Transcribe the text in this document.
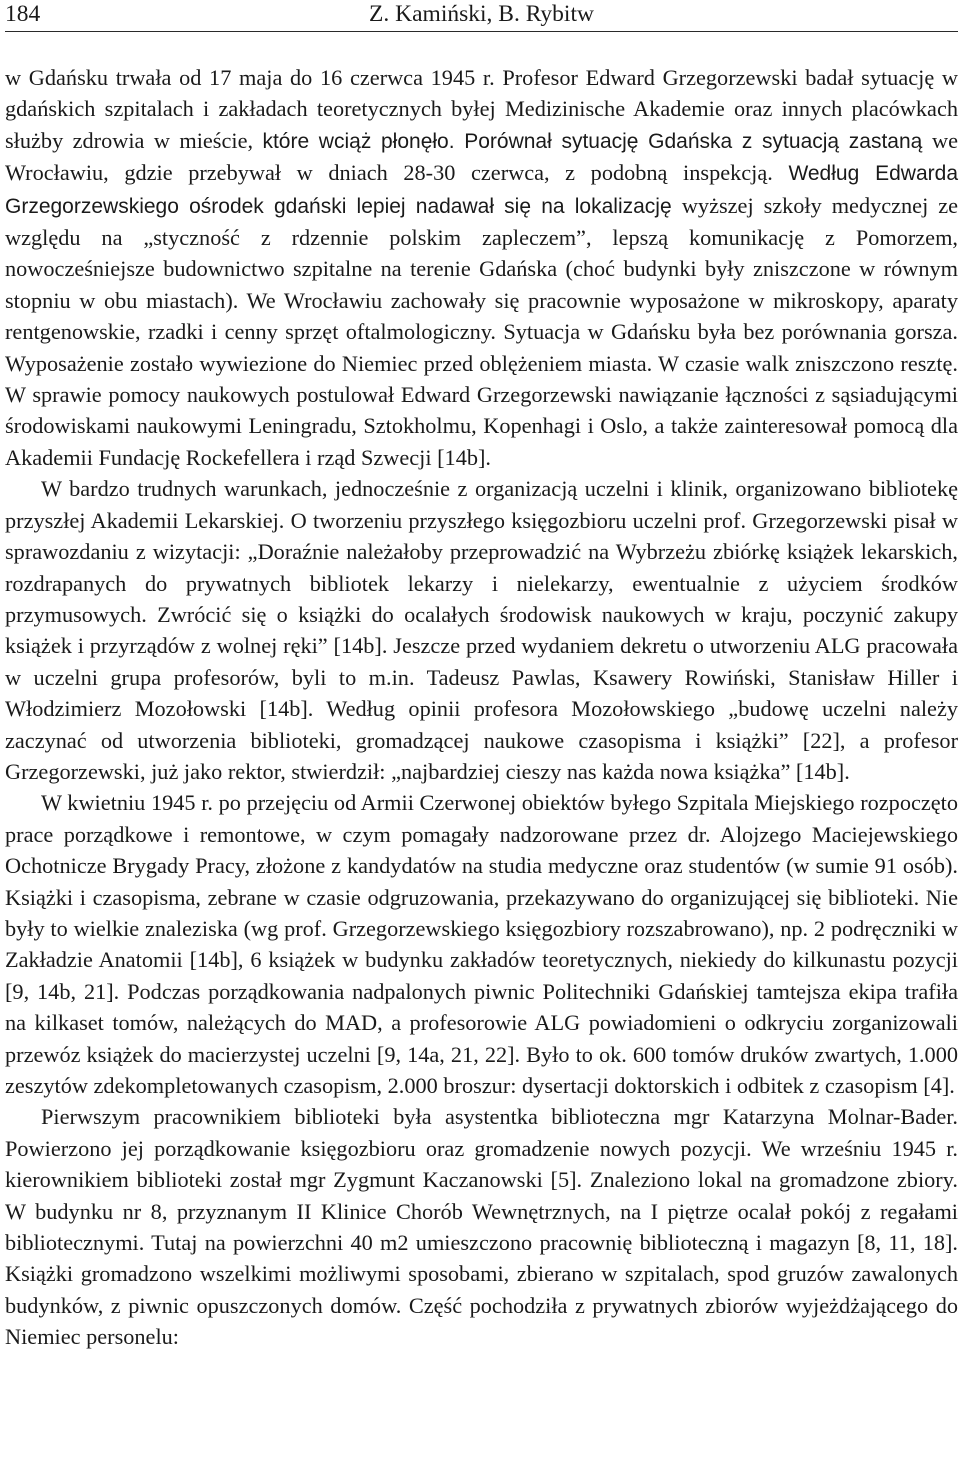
184	Z. Kamiński, B. Rybitw

w Gdańsku trwała od 17 maja do 16 czerwca 1945 r. Profesor Edward Grzegorzewski badał sytuację w gdańskich szpitalach i zakładach teoretycznych byłej Medizinische Akademie oraz innych placówkach służby zdrowia w mieście, które wciąż płonęło. Porównał sytuację Gdańska z sytuacją zastaną we Wrocławiu, gdzie przebywał w dniach 28-30 czerwca, z podobną inspekcją. Według Edwarda Grzegorzewskiego ośrodek gdański lepiej nadawał się na lokalizację wyższej szkoły medycznej ze względu na „styczność z rdzennie polskim zapleczem”, lepszą komunikację z Pomorzem, nowocześniejsze budownictwo szpitalne na terenie Gdańska (choć budynki były zniszczone w równym stopniu w obu miastach). We Wrocławiu zachowały się pracownie wyposażone w mikroskopy, aparaty rentgenowskie, rzadki i cenny sprzęt oftalmologiczny. Sytuacja w Gdańsku była bez porównania gorsza. Wyposażenie zostało wywiezione do Niemiec przed oblężeniem miasta. W czasie walk zniszczono resztę. W sprawie pomocy naukowych postulował Edward Grzegorzewski nawiązanie łączności z sąsiadującymi środowiskami naukowymi Leningradu, Sztokholmu, Kopenhagi i Oslo, a także zainteresował pomocą dla Akademii Fundację Rockefellera i rząd Szwecji [14b].

W bardzo trudnych warunkach, jednocześnie z organizacją uczelni i klinik, organizowano bibliotekę przyszłej Akademii Lekarskiej. O tworzeniu przyszłego księgozbioru uczelni prof. Grzegorzewski pisał w sprawozdaniu z wizytacji: „Doraźnie należałoby przeprowadzić na Wybrzeżu zbiórkę książek lekarskich, rozdrapanych do prywatnych bibliotek lekarzy i nielekarzy, ewentualnie z użyciem środków przymusowych. Zwrócić się o książki do ocalałych środowisk naukowych w kraju, poczynić zakupy książek i przyrządów z wolnej ręki” [14b]. Jeszcze przed wydaniem dekretu o utworzeniu ALG pracowała w uczelni grupa profesorów, byli to m.in. Tadeusz Pawlas, Ksawery Rowiński, Stanisław Hiller i Włodzimierz Mozołowski [14b]. Według opinii profesora Mozołowskiego „budowę uczelni należy zaczynać od utworzenia biblioteki, gromadzącej naukowe czasopisma i książki” [22], a profesor Grzegorzewski, już jako rektor, stwierdził: „najbardziej cieszy nas każda nowa książka” [14b].

W kwietniu 1945 r. po przejęciu od Armii Czerwonej obiektów byłego Szpitala Miejskiego rozpoczęto prace porządkowe i remontowe, w czym pomagały nadzorowane przez dr. Alojzego Maciejewskiego Ochotnicze Brygady Pracy, złożone z kandydatów na studia medyczne oraz studentów (w sumie 91 osób). Książki i czasopisma, zebrane w czasie odgruzowania, przekazywano do organizującej się biblioteki. Nie były to wielkie znaleziska (wg prof. Grzegorzewskiego księgozbiory rozszabrowano), np. 2 podręczniki w Zakładzie Anatomii [14b], 6 książek w budynku zakładów teoretycznych, niekiedy do kilkunastu pozycji [9, 14b, 21]. Podczas porządkowania nadpalonych piwnic Politechniki Gdańskiej tamtejsza ekipa trafiła na kilkaset tomów, należących do MAD, a profesorowie ALG powiadomieni o odkryciu zorganizowali przewóz książek do macierzystej uczelni [9, 14a, 21, 22]. Było to ok. 600 tomów druków zwartych, 1.000 zeszytów zdekompletowanych czasopism, 2.000 broszur: dysertacji doktorskich i odbitek z czasopism [4].

Pierwszym pracownikiem biblioteki była asystentka biblioteczna mgr Katarzyna Molnar-Bader. Powierzono jej porządkowanie księgozbioru oraz gromadzenie nowych pozycji. We wrześniu 1945 r. kierownikiem biblioteki został mgr Zygmunt Kaczanowski [5]. Znaleziono lokal na gromadzone zbiory. W budynku nr 8, przyznanym II Klinice Chorób Wewnętrznych, na I piętrze ocalał pokój z regałami bibliotecznymi. Tutaj na powierzchni 40 m2 umieszczono pracownię biblioteczną i magazyn [8, 11, 18]. Książki gromadzono wszelkimi możliwymi sposobami, zbierano w szpitalach, spod gruzów zawalonych budynków, z piwnic opuszczonych domów. Część pochodziła z prywatnych zbiorów wyjeżdżającego do Niemiec personelu:
